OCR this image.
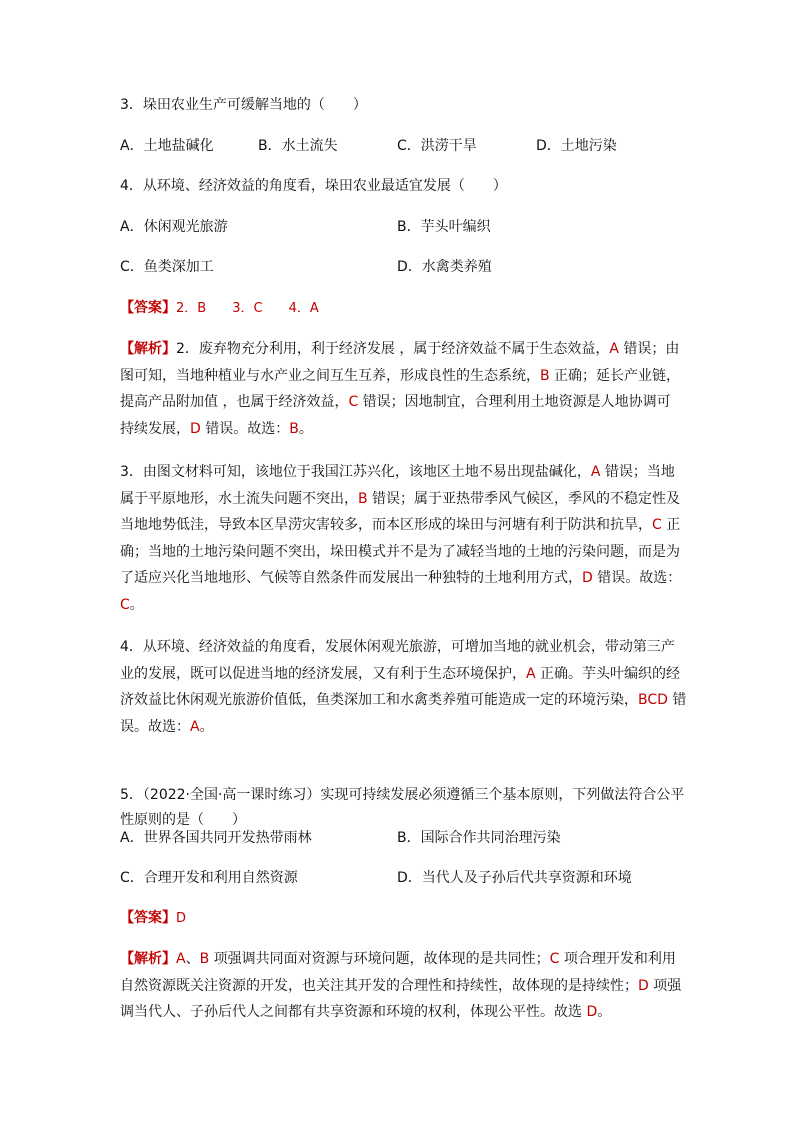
3．垛田农业生产可缓解当地的（　　）
A．土地盐碱化	B．水土流失	C．洪涝干旱	D．土地污染
4．从环境、经济效益的角度看，垛田农业最适宜发展（　　）
A．休闲观光旅游	B．芋头叶编织
C．鱼类深加工	D．水禽类养殖
【答案】2．B 3．C 4．A
【解析】2．废弃物充分利用，利于经济发展 ，属于经济效益不属于生态效益，A 错误；由
图可知，当地种植业与水产业之间互生互养，形成良性的生态系统，B 正确；延长产业链，
提高产品附加值 ，也属于经济效益，C 错误；因地制宜，合理利用土地资源是人地协调可
持续发展，D 错误。故选：B。
3．由图文材料可知，该地位于我国江苏兴化，该地区土地不易出现盐碱化，A 错误；当地
属于平原地形，水土流失问题不突出，B 错误；属于亚热带季风气候区，季风的不稳定性及
当地地势低洼，导致本区旱涝灾害较多，而本区形成的垛田与河塘有利于防洪和抗旱，C 正
确；当地的土地污染问题不突出，垛田模式并不是为了减轻当地的土地的污染问题，而是为
了适应兴化当地地形、气候等自然条件而发展出一种独特的土地利用方式，D 错误。故选：
C。
4．从环境、经济效益的角度看，发展休闲观光旅游，可增加当地的就业机会，带动第三产
业的发展，既可以促进当地的经济发展，又有利于生态环境保护，A 正确。芋头叶编织的经
济效益比休闲观光旅游价值低，鱼类深加工和水禽类养殖可能造成一定的环境污染，BCD 错
误。故选：A。
5．（2022·全国·高一课时练习）实现可持续发展必须遵循三个基本原则，下列做法符合公平
性原则的是（　　）
A．世界各国共同开发热带雨林	B．国际合作共同治理污染
C．合理开发和利用自然资源	D．当代人及子孙后代共享资源和环境
【答案】D
【解析】A、B 项强调共同面对资源与环境问题，故体现的是共同性；C 项合理开发和利用
自然资源既关注资源的开发，也关注其开发的合理性和持续性，故体现的是持续性；D 项强
调当代人、子孙后代人之间都有共享资源和环境的权利，体现公平性。故选 D。
